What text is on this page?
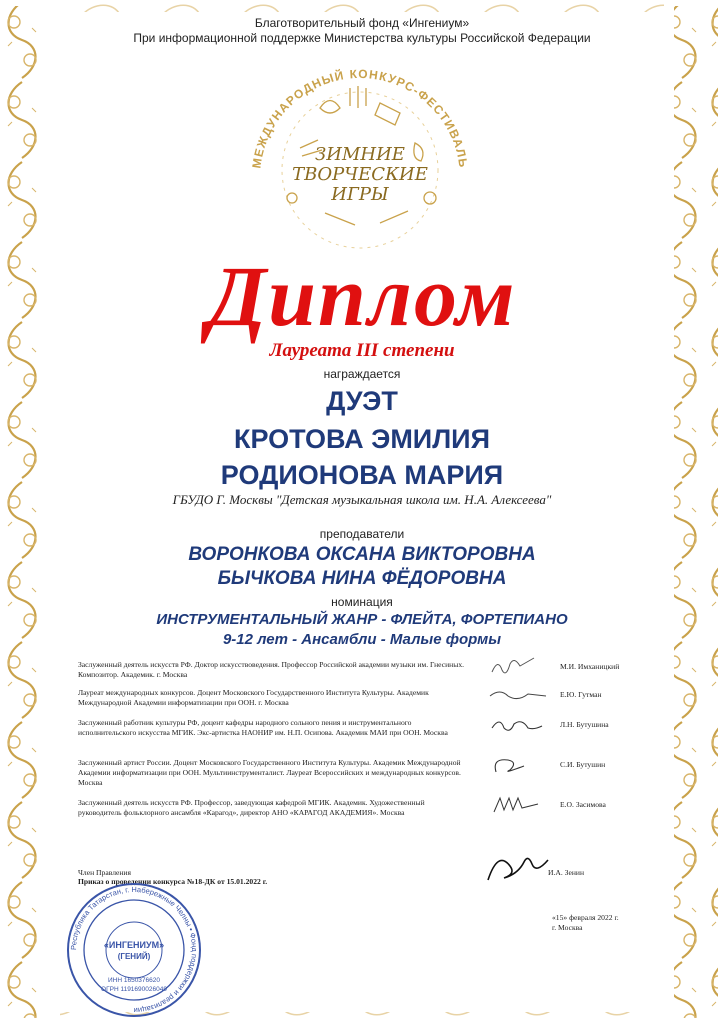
Благотворительный фонд «Ингениум»
При информационной поддержке Министерства культуры Российской Федерации
МЕЖДУНАРОДНЫЙ КОНКУРС-ФЕСТИВАЛЬ
ЗИМНИЕ
ТВОРЧЕСКИЕ
ИГРЫ
Диплом
Лауреата III степени
награждается
ДУЭТ
КРОТОВА ЭМИЛИЯ
РОДИОНОВА МАРИЯ
ГБУДО Г. Москвы "Детская музыкальная школа им. Н.А. Алексеева"
преподаватели
ВОРОНКОВА ОКСАНА ВИКТОРОВНА
БЫЧКОВА НИНА ФЁДОРОВНА
номинация
ИНСТРУМЕНТАЛЬНЫЙ ЖАНР - ФЛЕЙТА, ФОРТЕПИАНО
9-12 лет - Ансамбли - Малые формы
Заслуженный деятель искусств РФ. Доктор искусствоведения. Профессор Российской академии музыки им. Гнесиных. Композитор. Академик. г. Москва
М.И. Имханицкий
Лауреат международных конкурсов. Доцент Московского Государственного Института Культуры. Академик Международной Академии информатизации при ООН. г. Москва
Е.Ю. Гутман
Заслуженный работник культуры РФ, доцент кафедры народного сольного пения и инструментального исполнительского искусства МГИК. Экс-артистка НАОНИР им. Н.П. Осипова. Академик МАИ при ООН. Москва
Л.Н. Бутушина
Заслуженный артист России. Доцент Московского Государственного Института Культуры. Академик Международной Академии информатизации при ООН. Мультиинструменталист. Лауреат Всероссийских и международных конкурсов. Москва
С.И. Бутушин
Заслуженный деятель искусств РФ. Профессор, заведующая кафедрой МГИК. Академик. Художественный руководитель фольклорного ансамбля «Карагод», директор АНО «КАРАГОД АКАДЕМИЯ». Москва
Е.О. Засимова
Член Правления
Приказ о проведении конкурса №18-ДК от 15.01.2022 г.
И.А. Зенин
«15» февраля 2022 г.
г. Москва
Республика Татарстан, г. Набережные Челны • Фонд поддержки и реализации
«ИНГЕНИУМ»
(ГЕНИЙ)
ИНН 1650376620
ОГРН 1191690026049
